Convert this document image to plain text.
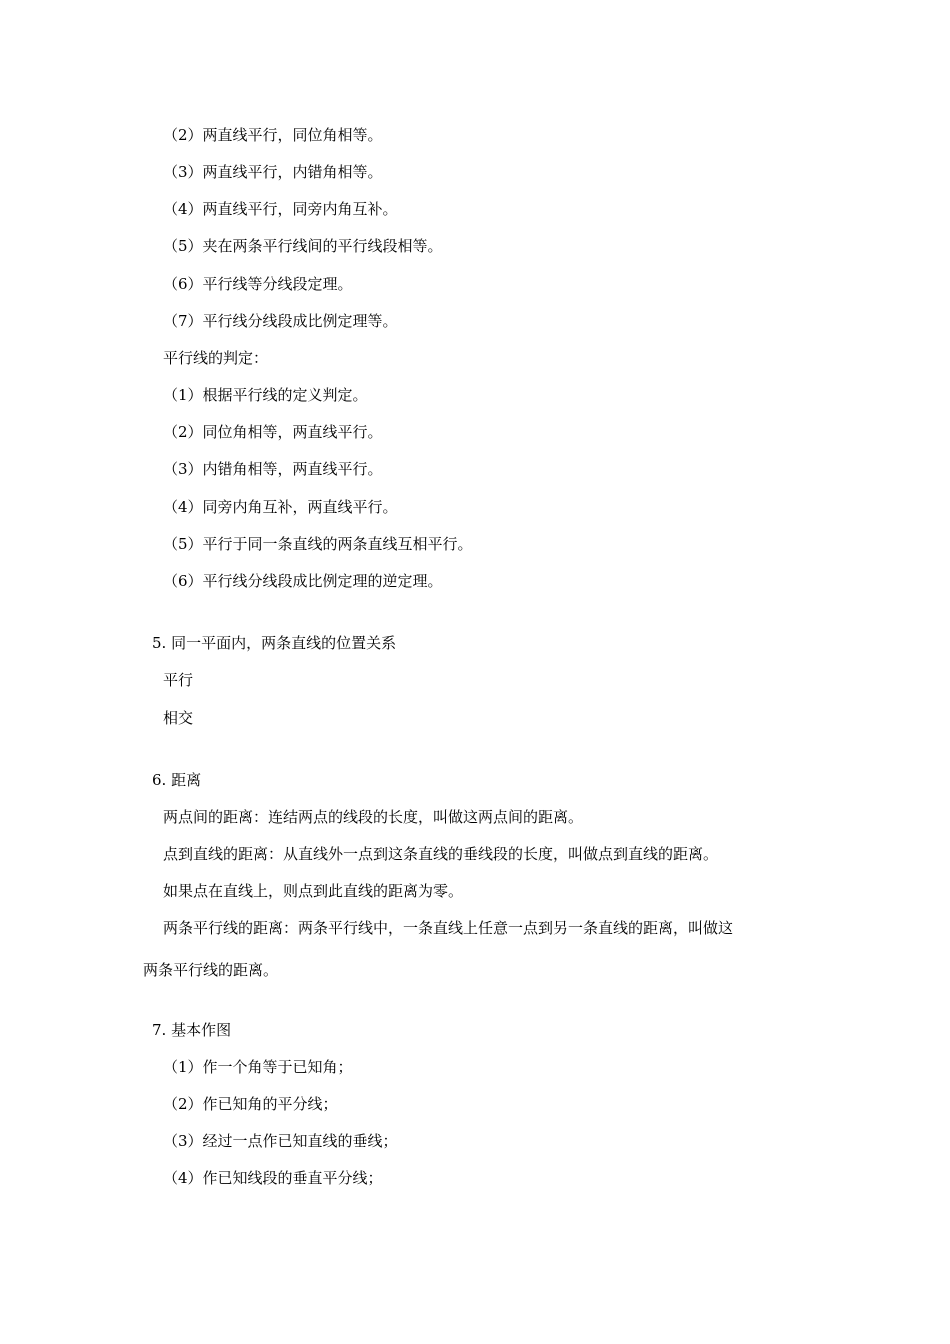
（2）两直线平行，同位角相等。
（3）两直线平行，内错角相等。
（4）两直线平行，同旁内角互补。
（5）夹在两条平行线间的平行线段相等。
（6）平行线等分线段定理。
（7）平行线分线段成比例定理等。
平行线的判定：
（1）根据平行线的定义判定。
（2）同位角相等，两直线平行。
（3）内错角相等，两直线平行。
（4）同旁内角互补，两直线平行。
（5）平行于同一条直线的两条直线互相平行。
（6）平行线分线段成比例定理的逆定理。
5. 同一平面内，两条直线的位置关系
平行
相交
6. 距离
两点间的距离：连结两点的线段的长度，叫做这两点间的距离。
点到直线的距离：从直线外一点到这条直线的垂线段的长度，叫做点到直线的距离。
如果点在直线上，则点到此直线的距离为零。
两条平行线的距离：两条平行线中，一条直线上任意一点到另一条直线的距离，叫做这
两条平行线的距离。
7. 基本作图
（1）作一个角等于已知角；
（2）作已知角的平分线；
（3）经过一点作已知直线的垂线；
（4）作已知线段的垂直平分线；
